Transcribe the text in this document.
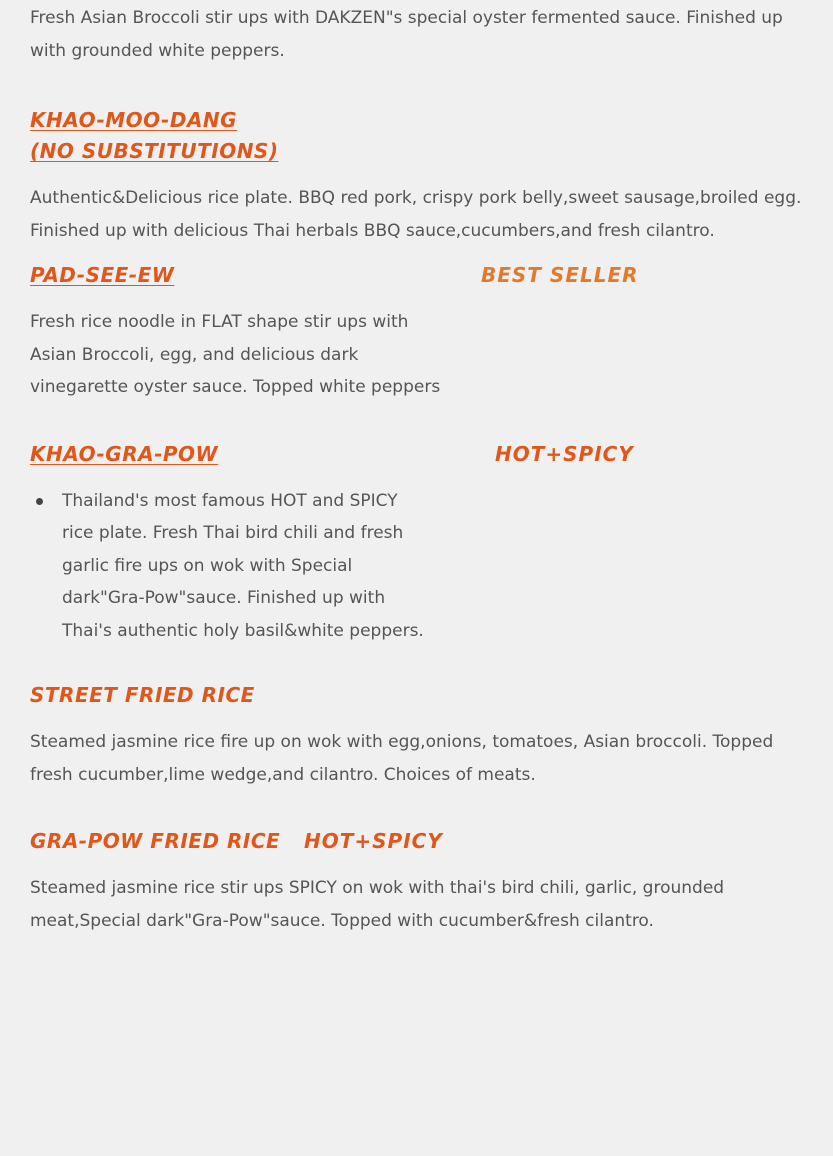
Fresh Asian Broccoli stir ups with DAKZEN"s special oyster fermented sauce. Finished up with grounded white peppers.

KHAO-MOO-DANG
(NO SUBSTITUTIONS)

Authentic&Delicious rice plate. BBQ red pork, crispy pork belly,sweet sausage,broiled egg. Finished up with delicious Thai herbals BBQ sauce,cucumbers,and fresh cilantro.

PAD-SEE-EW	BEST SELLER

Fresh rice noodle in FLAT shape stir ups with
Asian Broccoli, egg, and delicious dark
vinegarette oyster sauce. Topped white peppers

KHAO-GRA-POW	HOT+SPICY
Thailand's most famous HOT and SPICY
rice plate. Fresh Thai bird chili and fresh
garlic fire ups on wok with Special
dark"Gra-Pow"sauce. Finished up with
Thai's authentic holy basil&white peppers.
STREET FRIED RICE

Steamed jasmine rice fire up on wok with egg,onions, tomatoes, Asian broccoli. Topped fresh cucumber,lime wedge,and cilantro. Choices of meats.

GRA-POW FRIED RICE	HOT+SPICY

Steamed jasmine rice stir ups SPICY on wok with thai's bird chili, garlic, grounded meat,Special dark"Gra-Pow"sauce. Topped with cucumber&fresh cilantro.
